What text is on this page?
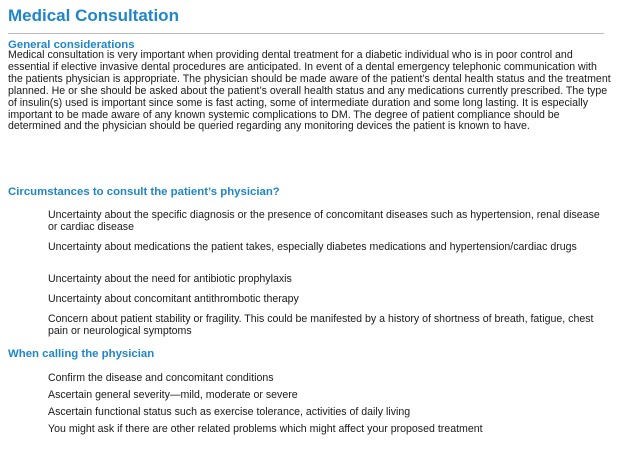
Medical Consultation
General considerations

Medical consultation is very important when providing dental treatment for a diabetic individual who is in poor control and essential if elective invasive dental procedures are anticipated. In event of a dental emergency telephonic communication with the patients physician is appropriate. The physician should be made aware of the patient’s dental health status and the treatment planned. He or she should be asked about the patient’s overall health status and any medications currently prescribed. The type of insulin(s) used is important since some is fast acting, some of intermediate duration and some long lasting. It is especially important to be made aware of any known systemic complications to DM. The degree of patient compliance should be determined and the physician should be queried regarding any monitoring devices the patient is known to have.

Circumstances to consult the patient’s physician?
Uncertainty about the specific diagnosis or the presence of concomitant diseases such as hypertension, renal disease or cardiac disease
Uncertainty about medications the patient takes, especially diabetes medications and hypertension/cardiac drugs
Uncertainty about the need for antibiotic prophylaxis
Uncertainty about concomitant antithrombotic therapy
Concern about patient stability or fragility. This could be manifested by a history of shortness of breath, fatigue, chest pain or neurological symptoms
When calling the physician
Confirm the disease and concomitant conditions
Ascertain general severity—mild, moderate or severe
Ascertain functional status such as exercise tolerance, activities of daily living
You might ask if there are other related problems which might affect your proposed treatment
